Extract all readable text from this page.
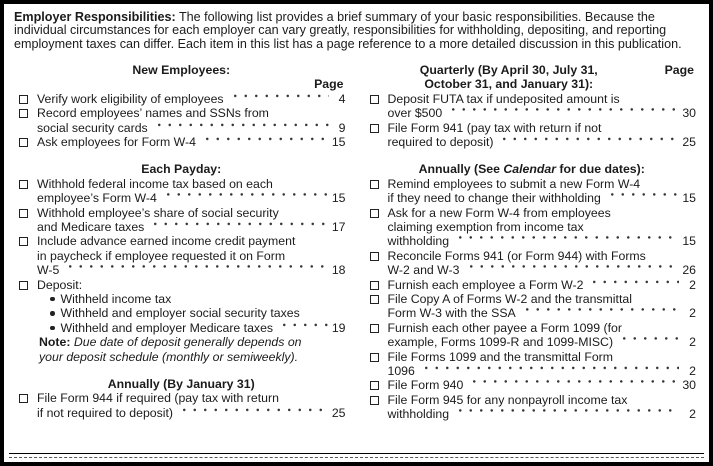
Employer Responsibilities: The following list provides a brief summary of your basic responsibilities. Because the individual circumstances for each employer can vary greatly, responsibilities for withholding, depositing, and reporting employment taxes can differ. Each item in this list has a page reference to a more detailed discussion in this publication.

New Employees:
Page
Verify work eligibility of employees	4
Record employees’ names and SSNs from
social security cards	9
Ask employees for Form W-4	15
Each Payday:
Withhold federal income tax based on each
employee’s Form W-4	15
Withhold employee’s share of social security
and Medicare taxes	17
Include advance earned income credit payment
in paycheck if employee requested it on Form
W-5	18
Deposit:
Withheld income tax
Withheld and employer social security taxes
Withheld and employer Medicare taxes	19
Note: Due date of deposit generally depends on
your deposit schedule (monthly or semiweekly).
Annually (By January 31)
File Form 944 if required (pay tax with return
if not required to deposit)	25
Quarterly (By April 30, July 31,
October 31, and January 31):
Page
Deposit FUTA tax if undeposited amount is
over $500	30
File Form 941 (pay tax with return if not
required to deposit)	25
Annually (See Calendar for due dates):
Remind employees to submit a new Form W-4
if they need to change their withholding	15
Ask for a new Form W-4 from employees
claiming exemption from income tax
withholding	15
Reconcile Forms 941 (or Form 944) with Forms
W-2 and W-3	26
Furnish each employee a Form W-2	2
File Copy A of Forms W-2 and the transmittal
Form W-3 with the SSA	2
Furnish each other payee a Form 1099 (for
example, Forms 1099-R and 1099-MISC)	2
File Forms 1099 and the transmittal Form
1096	2
File Form 940	30
File Form 945 for any nonpayroll income tax
withholding	2
